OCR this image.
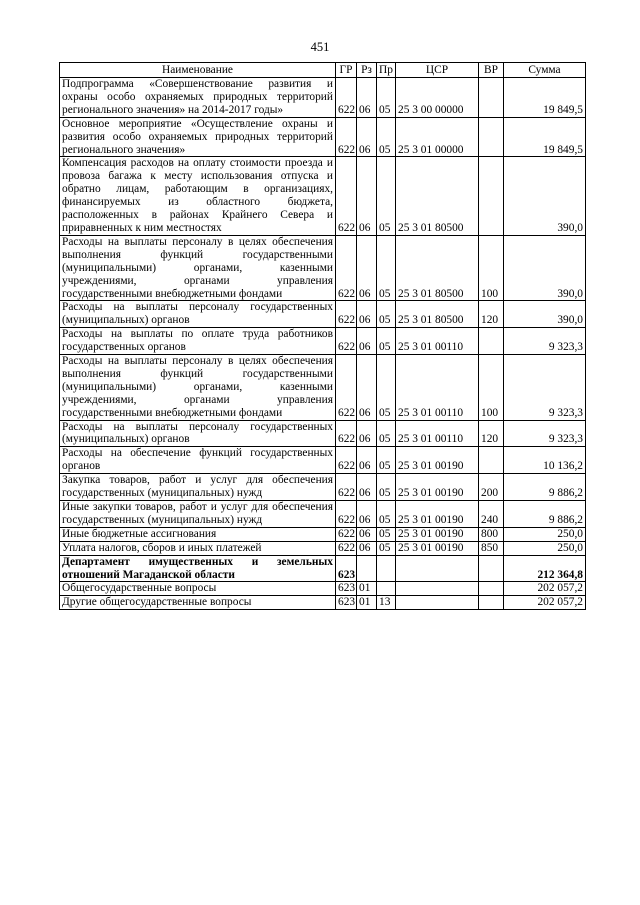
451
Наименование	ГР	Рз	Пр	ЦСР	ВР	Сумма
Подпрограмма «Совершенствование развития и охраны особо охраняемых природных территорий регионального значения» на 2014-2017 годы»	622	06	05	25 3 00 00000		19 849,5
Основное мероприятие «Осуществление охраны и развития особо охраняемых природных территорий регионального значения»	622	06	05	25 3 01 00000		19 849,5
Компенсация расходов на оплату стоимости проезда и провоза багажа к месту использования отпуска и обратно лицам, работающим в организациях, финансируемых из областного бюджета, расположенных в районах Крайнего Севера и приравненных к ним местностях	622	06	05	25 3 01 80500		390,0
Расходы на выплаты персоналу в целях обеспечения выполнения функций государственными (муниципальными) органами, казенными учреждениями, органами управления государственными внебюджетными фондами	622	06	05	25 3 01 80500	100	390,0
Расходы на выплаты персоналу государственных (муниципальных) органов	622	06	05	25 3 01 80500	120	390,0
Расходы на выплаты по оплате труда работников государственных органов	622	06	05	25 3 01 00110		9 323,3
Расходы на выплаты персоналу в целях обеспечения выполнения функций государственными (муниципальными) органами, казенными учреждениями, органами управления государственными внебюджетными фондами	622	06	05	25 3 01 00110	100	9 323,3
Расходы на выплаты персоналу государственных (муниципальных) органов	622	06	05	25 3 01 00110	120	9 323,3
Расходы на обеспечение функций государственных органов	622	06	05	25 3 01 00190		10 136,2
Закупка товаров, работ и услуг для обеспечения государственных (муниципальных) нужд	622	06	05	25 3 01 00190	200	9 886,2
Иные закупки товаров, работ и услуг для обеспечения государственных (муниципальных) нужд	622	06	05	25 3 01 00190	240	9 886,2
Иные бюджетные ассигнования	622	06	05	25 3 01 00190	800	250,0
Уплата налогов, сборов и иных платежей	622	06	05	25 3 01 00190	850	250,0
Департамент имущественных и земельных отношений Магаданской области	623					212 364,8
Общегосударственные вопросы	623	01				202 057,2
Другие общегосударственные вопросы	623	01	13			202 057,2
